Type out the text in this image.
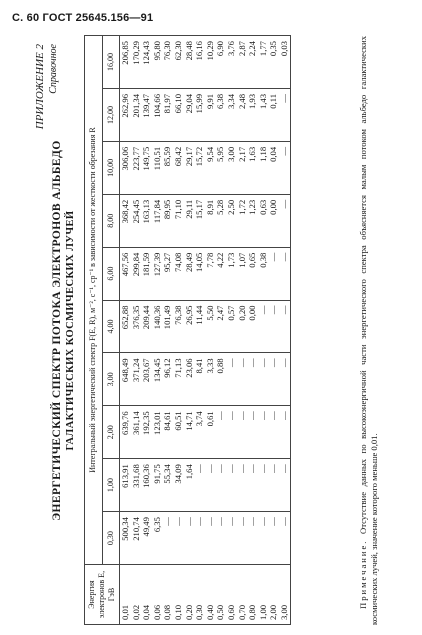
С. 60 ГОСТ 25645.156—91
ПРИЛОЖЕНИЕ 2 Справочное
ЭНЕРГЕТИЧЕСКИЙ СПЕКТР ПОТОКА ЭЛЕКТРОНОВ АЛЬБЕДО ГАЛАКТИЧЕСКИХ КОСМИЧЕСКИХ ЛУЧЕЙ
Энергия электронов E, ГэВ	Интегральный энергетический спектр F(E, R), м⁻², с⁻¹, ср⁻¹ в зависимости от жесткости обрезания R									
	0,30	1,00	2,00	3,00	4,00	6,00	8,00	10,00	12,00	16,00
0,01	500,34	613,91	639,76	648,49	652,88	467,56	368,42	306,06	262,96	206,85
0,02	210,74	331,68	361,14	371,24	376,35	299,84	254,45	223,77	201,34	170,29
0,04	49,49	160,36	192,35	203,67	209,44	181,59	163,13	149,75	139,47	124,43
0,06	6,35	91,75	123,01	134,45	140,36	127,39	117,84	110,51	104,66	95,80
0,08	—	55,34	84,61	96,12	101,49	95,27	89,95	85,59	81,97	76,30
0,10	—	34,09	60,51	71,13	76,38	74,08	71,10	68,42	66,10	62,30
0,20	—	1,64	14,71	23,06	26,95	28,49	29,11	29,17	29,04	28,48
0,30	—	—	3,74	8,41	11,44	14,05	15,17	15,72	15,99	16,16
0,40	—	—	0,61	3,33	5,50	7,78	8,91	9,54	9,91	10,29
0,50	—	—	—	0,88	2,47	4,22	5,28	5,95	6,38	6,90
0,60	—	—	—	—	0,57	1,73	2,50	3,00	3,34	3,76
0,70	—	—	—	—	0,20	1,07	1,72	2,17	2,48	2,87
0,80	—	—	—	—	0,00	0,65	1,23	1,63	1,93	2,24
1,00	—	—	—	—	—	0,38	0,63	1,18	1,43	1,77
2,00	—	—	—	—	—	—	0,00	0,04	0,11	0,35
3,00	—	—	—	—	—	—	—	—	—	0,03
Примечание. Отсутствие данных по высокоэнергичной части энергетического спектра объясняется малым потоком альбедо галактических космических лучей, значение которого меньше 0,01.
